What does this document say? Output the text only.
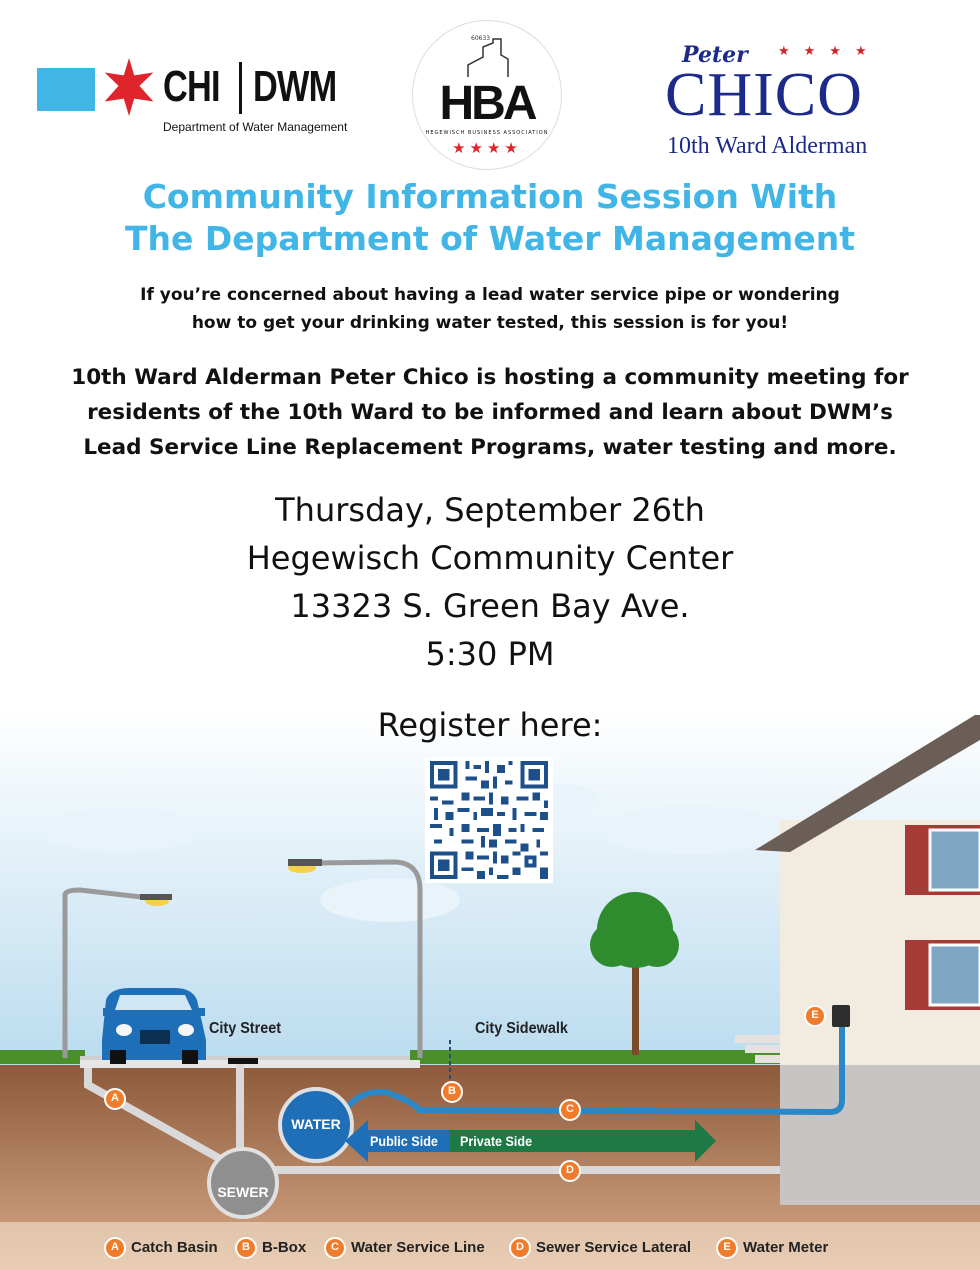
City Street	City Sidewalk
WATER
SEWER
Public Side Private Side
A
B
C
D
E
A Catch Basin	B B-Box	C Water Service Line	D Sewer Service Lateral	E Water Meter
CHI DWM
Department of Water Management
60633
HBA
HEGEWISCH BUSINESS ASSOCIATION
★★★★
Peter ★★★★
CHICO
10th Ward Alderman
Community Information Session With
The Department of Water Management
If you’re concerned about having a lead water service pipe or wondering
how to get your drinking water tested, this session is for you!
10th Ward Alderman Peter Chico is hosting a community meeting for
residents of the 10th Ward to be informed and learn about DWM’s
Lead Service Line Replacement Programs, water testing and more.
Thursday, September 26th
Hegewisch Community Center
13323 S. Green Bay Ave.
5:30 PM
Register here:
